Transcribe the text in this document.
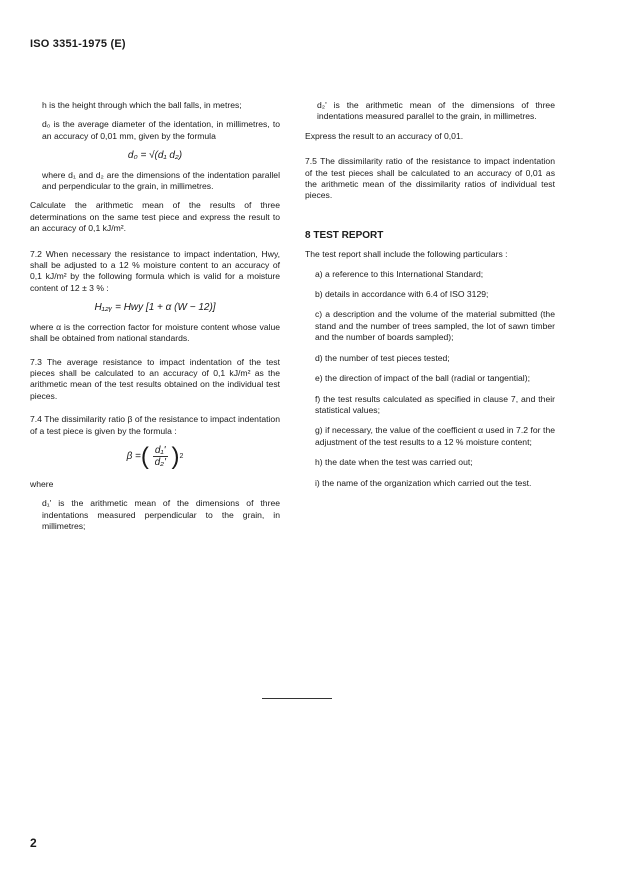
ISO 3351-1975 (E)

h is the height through which the ball falls, in metres;

d₀ is the average diameter of the identation, in millimetres, to an accuracy of 0,01 mm, given by the formula

d₀ = √(d₁ d₂)

where d₁ and d₂ are the dimensions of the indentation parallel and perpendicular to the grain, in millimetres.

Calculate the arithmetic mean of the results of three determinations on the same test piece and express the result to an accuracy of 0,1 kJ/m².

7.2 When necessary the resistance to impact indentation, Hwy, shall be adjusted to a 12 % moisture content to an accuracy of 0,1 kJ/m² by the following formula which is valid for a moisture content of 12 ± 3 % :

H₁₂ᵧ = Hwy [1 + α (W − 12)]

where α is the correction factor for moisture content whose value shall be obtained from national standards.

7.3 The average resistance to impact indentation of the test pieces shall be calculated to an accuracy of 0,1 kJ/m² as the arithmetic mean of the test results obtained on the individual test pieces.

7.4 The dissimilarity ratio β of the resistance to impact indentation of a test piece is given by the formula :

β = ( $\frac{\text{d₁'}}{\text{d₂'}}$ ) 2

where

d₁' is the arithmetic mean of the dimensions of three indentations measured perpendicular to the grain, in millimetres;

d₂' is the arithmetic mean of the dimensions of three indentations measured parallel to the grain, in millimetres.

Express the result to an accuracy of 0,01.

7.5 The dissimilarity ratio of the resistance to impact indentation of the test pieces shall be calculated to an accuracy of 0,01 as the arithmetic mean of the dissimilarity ratios of individual test pieces.

8 TEST REPORT

The test report shall include the following particulars :

a) a reference to this International Standard;

b) details in accordance with 6.4 of ISO 3129;

c) a description and the volume of the material submitted (the stand and the number of trees sampled, the lot of sawn timber and the number of boards sampled);

d) the number of test pieces tested;

e) the direction of impact of the ball (radial or tangential);

f) the test results calculated as specified in clause 7, and their statistical values;

g) if necessary, the value of the coefficient α used in 7.2 for the adjustment of the test results to a 12 % moisture content;

h) the date when the test was carried out;

i) the name of the organization which carried out the test.

2
